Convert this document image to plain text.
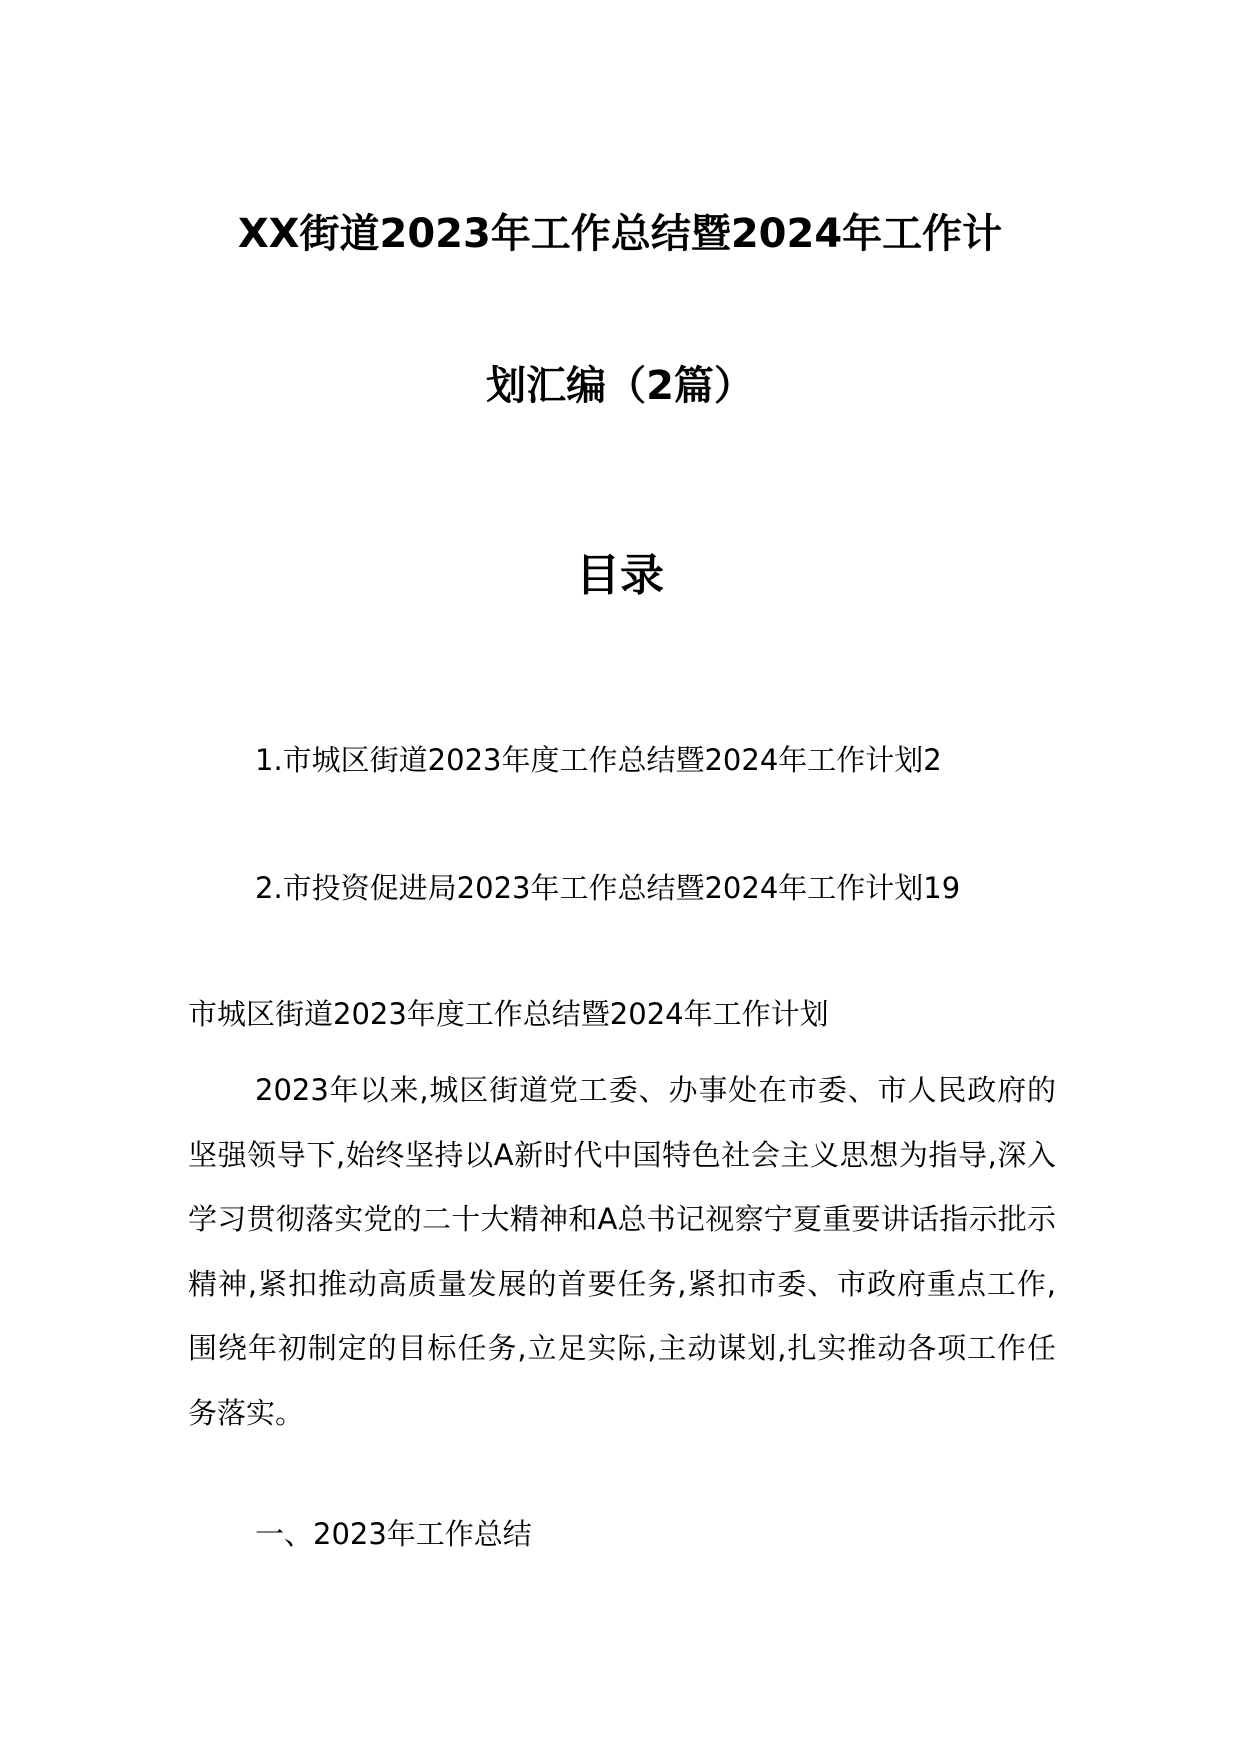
XX街道2023年工作总结暨2024年工作计
划汇编（2篇）
目录
1.市城区街道2023年度工作总结暨2024年工作计划2
2.市投资促进局2023年工作总结暨2024年工作计划19
市城区街道2023年度工作总结暨2024年工作计划
2023年以来,城区街道党工委、办事处在市委、市人民政府的坚强领导下,始终坚持以A新时代中国特色社会主义思想为指导,深入学习贯彻落实党的二十大精神和A总书记视察宁夏重要讲话指示批示精神,紧扣推动高质量发展的首要任务,紧扣市委、市政府重点工作,围绕年初制定的目标任务,立足实际,主动谋划,扎实推动各项工作任务落实。
一、2023年工作总结
